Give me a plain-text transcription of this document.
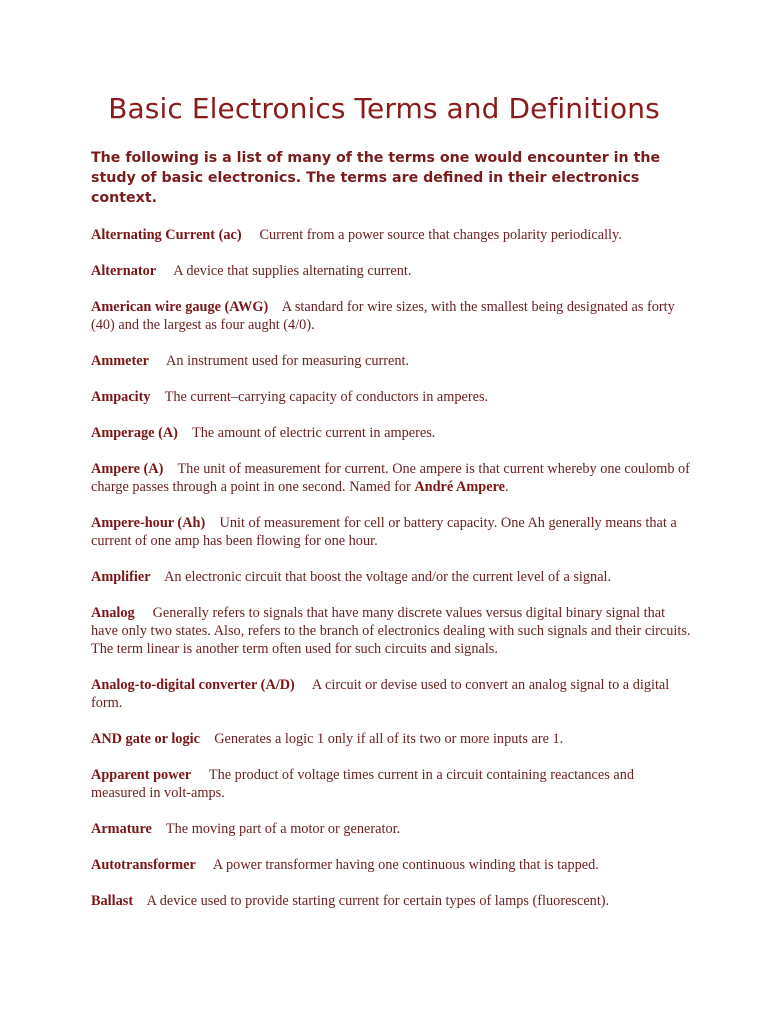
Basic Electronics Terms and Definitions

The following is a list of many of the terms one would encounter in the study of basic electronics. The terms are defined in their electronics context.

Alternating Current (ac) Current from a power source that changes polarity periodically.

Alternator A device that supplies alternating current.

American wire gauge (AWG) A standard for wire sizes, with the smallest being designated as forty (40) and the largest as four aught (4/0).

Ammeter An instrument used for measuring current.

Ampacity The current–carrying capacity of conductors in amperes.

Amperage (A) The amount of electric current in amperes.

Ampere (A) The unit of measurement for current. One ampere is that current whereby one coulomb of charge passes through a point in one second. Named for André Ampere.

Ampere-hour (Ah) Unit of measurement for cell or battery capacity. One Ah generally means that a current of one amp has been flowing for one hour.

Amplifier An electronic circuit that boost the voltage and/or the current level of a signal.

Analog Generally refers to signals that have many discrete values versus digital binary signal that have only two states. Also, refers to the branch of electronics dealing with such signals and their circuits. The term linear is another term often used for such circuits and signals.

Analog-to-digital converter (A/D) A circuit or devise used to convert an analog signal to a digital form.

AND gate or logic Generates a logic 1 only if all of its two or more inputs are 1.

Apparent power The product of voltage times current in a circuit containing reactances and measured in volt-amps.

Armature The moving part of a motor or generator.

Autotransformer A power transformer having one continuous winding that is tapped.

Ballast A device used to provide starting current for certain types of lamps (fluorescent).
